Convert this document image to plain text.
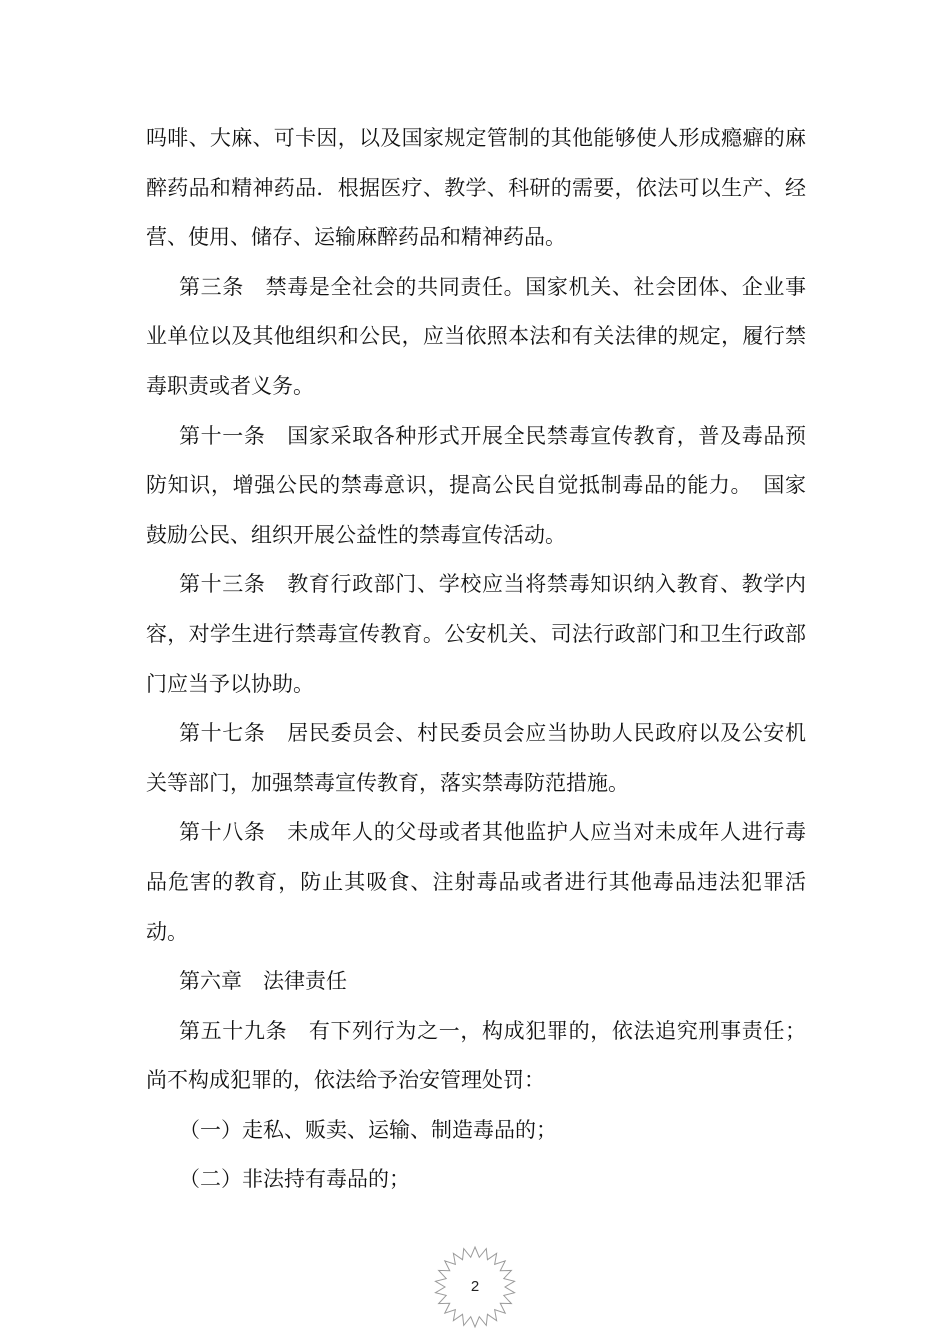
吗啡、大麻、可卡因，以及国家规定管制的其他能够使人形成瘾癖的麻醉药品和精神药品．根据医疗、教学、科研的需要，依法可以生产、经营、使用、储存、运输麻醉药品和精神药品。

第三条　禁毒是全社会的共同责任。国家机关、社会团体、企业事业单位以及其他组织和公民，应当依照本法和有关法律的规定，履行禁毒职责或者义务。

第十一条　国家采取各种形式开展全民禁毒宣传教育，普及毒品预防知识，增强公民的禁毒意识，提高公民自觉抵制毒品的能力。　国家鼓励公民、组织开展公益性的禁毒宣传活动。

第十三条　教育行政部门、学校应当将禁毒知识纳入教育、教学内容，对学生进行禁毒宣传教育。公安机关、司法行政部门和卫生行政部门应当予以协助。

第十七条　居民委员会、村民委员会应当协助人民政府以及公安机关等部门，加强禁毒宣传教育，落实禁毒防范措施。

第十八条　未成年人的父母或者其他监护人应当对未成年人进行毒品危害的教育，防止其吸食、注射毒品或者进行其他毒品违法犯罪活动。

第六章　法律责任

第五十九条　有下列行为之一，构成犯罪的，依法追究刑事责任；尚不构成犯罪的，依法给予治安管理处罚：

（一）走私、贩卖、运输、制造毒品的；

（二）非法持有毒品的；

2
